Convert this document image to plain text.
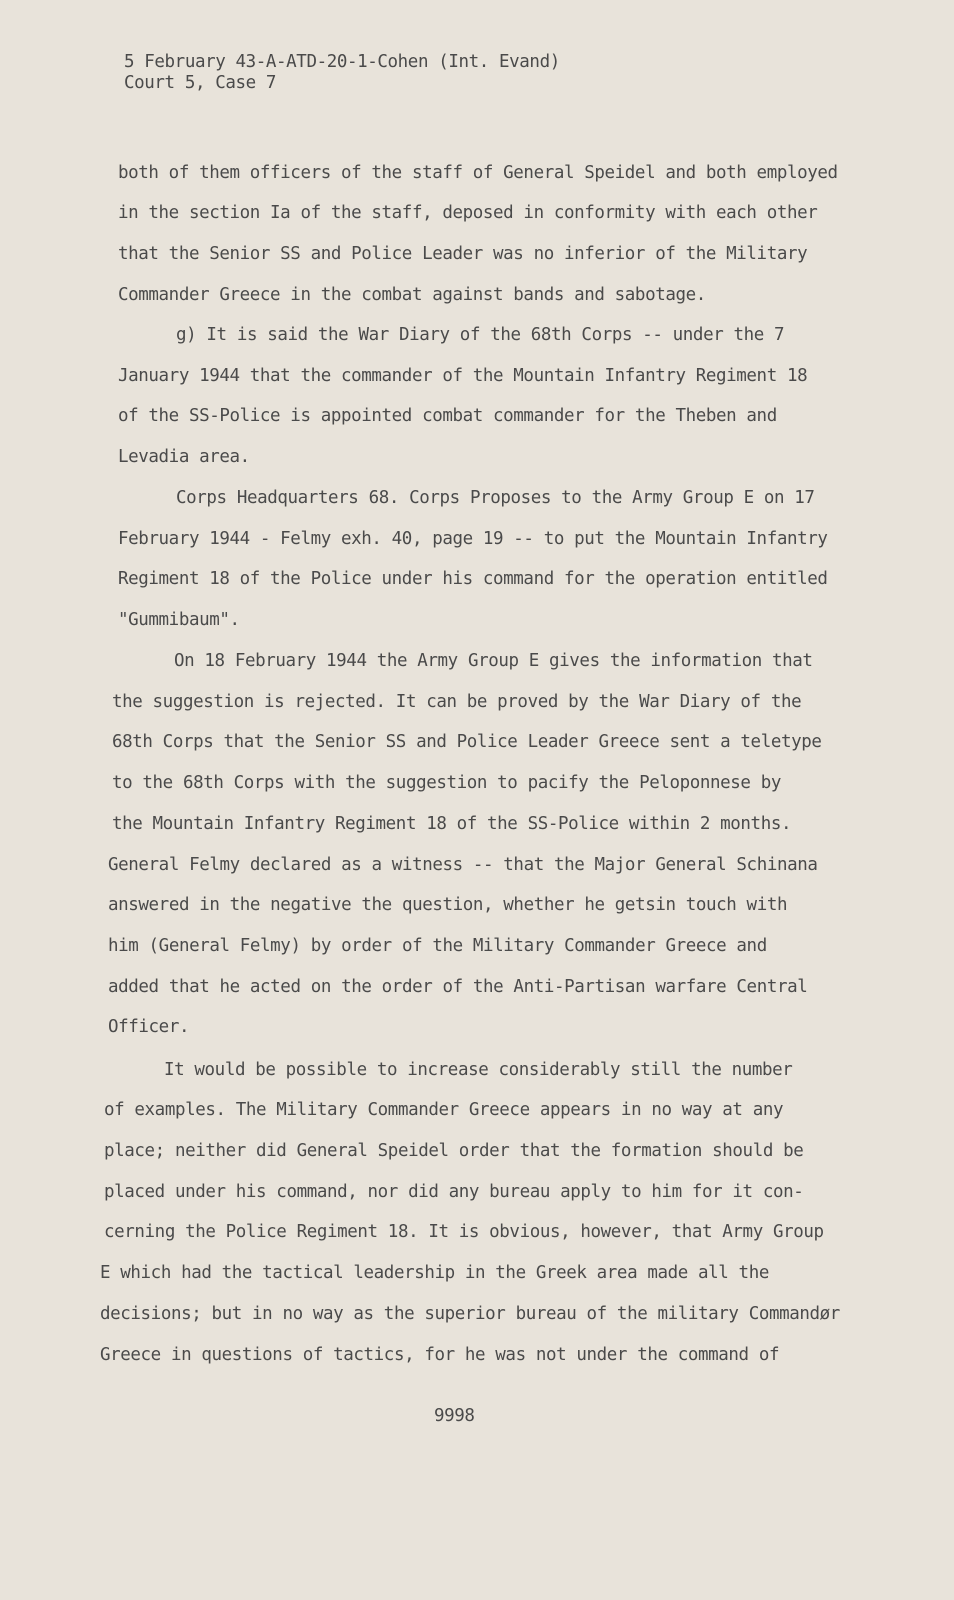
5 February 43-A-ATD-20-1-Cohen (Int. Evand)
Court 5, Case 7
both of them officers of the staff of General Speidel and both employed
in the section Ia of the staff, deposed in conformity with each other
that the Senior SS and Police Leader was no inferior of the Military
Commander Greece in the combat against bands and sabotage.
g) It is said the War Diary of the 68th Corps -- under the 7
January 1944 that the commander of the Mountain Infantry Regiment 18
of the SS-Police is appointed combat commander for the Theben and
Levadia area.
Corps Headquarters 68. Corps Proposes to the Army Group E on 17
February 1944 - Felmy exh. 40, page 19 -- to put the Mountain Infantry
Regiment 18 of the Police under his command for the operation entitled
"Gummibaum".
On 18 February 1944 the Army Group E gives the information that
the suggestion is rejected. It can be proved by the War Diary of the
68th Corps that the Senior SS and Police Leader Greece sent a teletype
to the 68th Corps with the suggestion to pacify the Peloponnese by
the Mountain Infantry Regiment 18 of the SS-Police within 2 months.
General Felmy declared as a witness -- that the Major General Schinana
answered in the negative the question, whether he getsin touch with
him (General Felmy) by order of the Military Commander Greece and
added that he acted on the order of the Anti-Partisan warfare Central
Officer.
It would be possible to increase considerably still the number
of examples. The Military Commander Greece appears in no way at any
place; neither did General Speidel order that the formation should be
placed under his command, nor did any bureau apply to him for it con-
cerning the Police Regiment 18. It is obvious, however, that Army Group
E which had the tactical leadership in the Greek area made all the
decisions; but in no way as the superior bureau of the military Commandør
Greece in questions of tactics, for he was not under the command of
9998
